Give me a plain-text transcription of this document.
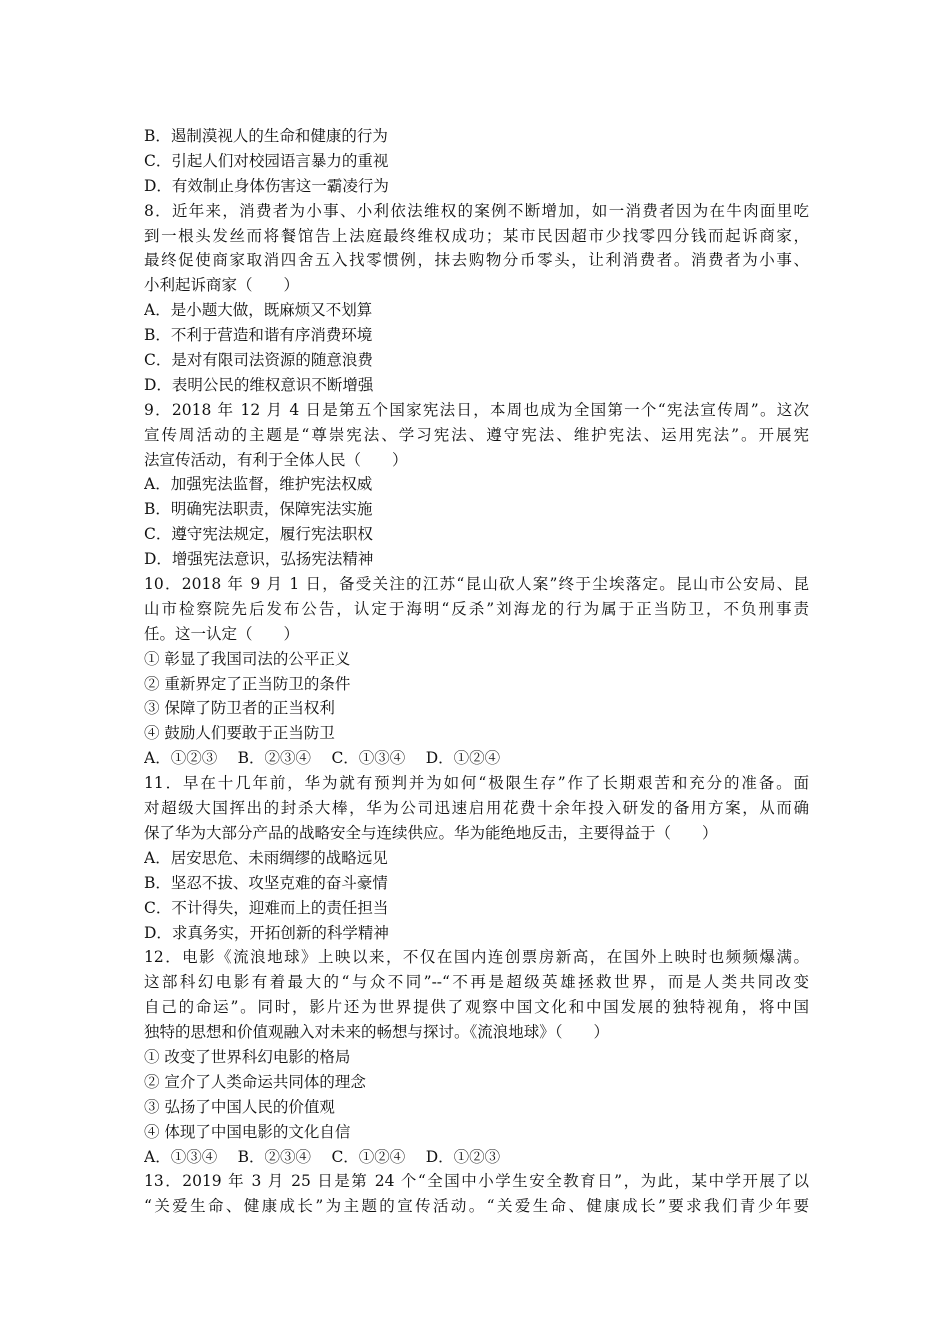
B．遏制漠视人的生命和健康的行为
C．引起人们对校园语言暴力的重视
D．有效制止身体伤害这一霸凌行为
8．近年来，消费者为小事、小利依法维权的案例不断增加，如一消费者因为在牛肉面里吃
到一根头发丝而将餐馆告上法庭最终维权成功；某市民因超市少找零四分钱而起诉商家，
最终促使商家取消四舍五入找零惯例，抹去购物分币零头，让利消费者。消费者为小事、
小利起诉商家（　　）
A．是小题大做，既麻烦又不划算
B．不利于营造和谐有序消费环境
C．是对有限司法资源的随意浪费
D．表明公民的维权意识不断增强
9．2018 年 12 月 4 日是第五个国家宪法日，本周也成为全国第一个“宪法宣传周”。这次
宣传周活动的主题是“尊崇宪法、学习宪法、遵守宪法、维护宪法、运用宪法”。开展宪
法宣传活动，有利于全体人民（　　）
A．加强宪法监督，维护宪法权威
B．明确宪法职责，保障宪法实施
C．遵守宪法规定，履行宪法职权
D．增强宪法意识，弘扬宪法精神
10．2018 年 9 月 1 日，备受关注的江苏“昆山砍人案”终于尘埃落定。昆山市公安局、昆
山市检察院先后发布公告，认定于海明“反杀”刘海龙的行为属于正当防卫，不负刑事责
任。这一认定（　　）
① 彰显了我国司法的公平正义
② 重新界定了正当防卫的条件
③ 保障了防卫者的正当权利
④ 鼓励人们要敢于正当防卫
A．①②③　 B．②③④　 C．①③④　 D．①②④
11．早在十几年前，华为就有预判并为如何“极限生存”作了长期艰苦和充分的准备。面
对超级大国挥出的封杀大棒，华为公司迅速启用花费十余年投入研发的备用方案，从而确
保了华为大部分产品的战略安全与连续供应。华为能绝地反击，主要得益于（　　）
A．居安思危、未雨绸缪的战略远见
B．坚忍不拔、攻坚克难的奋斗豪情
C．不计得失，迎难而上的责任担当
D．求真务实，开拓创新的科学精神
12．电影《流浪地球》上映以来，不仅在国内连创票房新高，在国外上映时也频频爆满。
这部科幻电影有着最大的“与众不同”--“不再是超级英雄拯救世界，而是人类共同改变
自己的命运”。同时，影片还为世界提供了观察中国文化和中国发展的独特视角，将中国
独特的思想和价值观融入对未来的畅想与探讨。《流浪地球》（　　）
① 改变了世界科幻电影的格局
② 宣介了人类命运共同体的理念
③ 弘扬了中国人民的价值观
④ 体现了中国电影的文化自信
A．①③④　 B．②③④　 C．①②④　 D．①②③
13．2019 年 3 月 25 日是第 24 个“全国中小学生安全教育日”，为此，某中学开展了以
“关爱生命、健康成长”为主题的宣传活动。“关爱生命、健康成长”要求我们青少年要
